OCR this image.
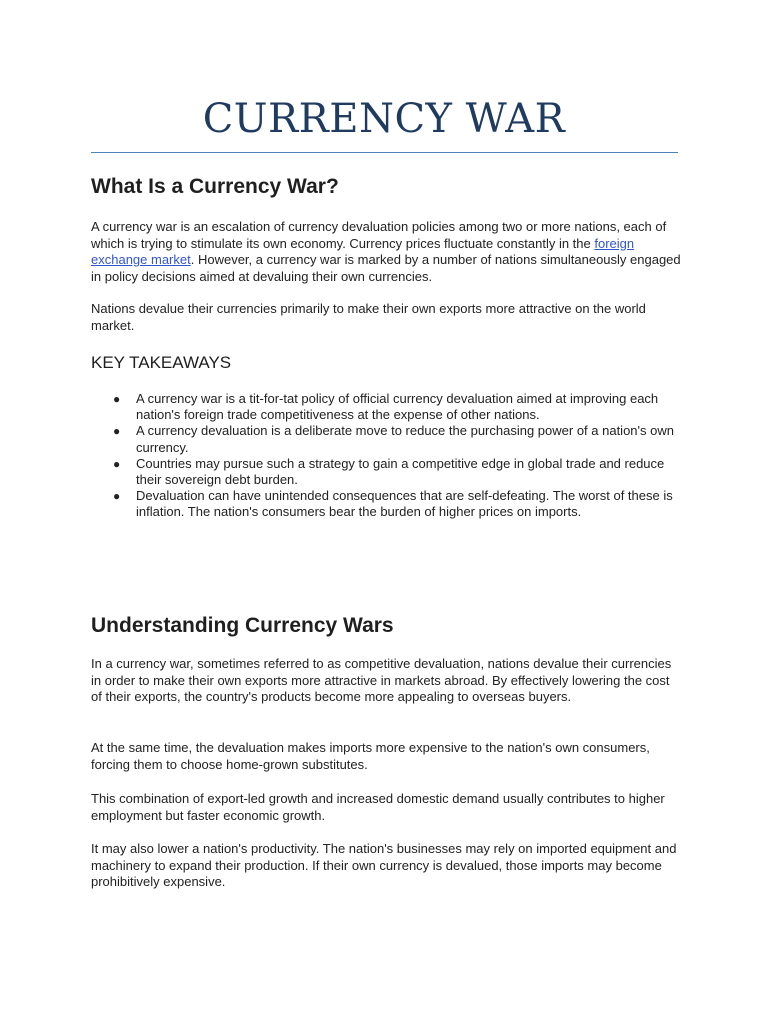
CURRENCY WAR
What Is a Currency War?

A currency war is an escalation of currency devaluation policies among two or more nations, each of which is trying to stimulate its own economy. Currency prices fluctuate constantly in the foreign exchange market. However, a currency war is marked by a number of nations simultaneously engaged in policy decisions aimed at devaluing their own currencies.

Nations devalue their currencies primarily to make their own exports more attractive on the world market.

KEY TAKEAWAYS
● A currency war is a tit-for-tat policy of official currency devaluation aimed at improving each nation's foreign trade competitiveness at the expense of other nations.
● A currency devaluation is a deliberate move to reduce the purchasing power of a nation's own currency.
● Countries may pursue such a strategy to gain a competitive edge in global trade and reduce their sovereign debt burden.
● Devaluation can have unintended consequences that are self-defeating. The worst of these is inflation. The nation's consumers bear the burden of higher prices on imports.
Understanding Currency Wars

In a currency war, sometimes referred to as competitive devaluation, nations devalue their currencies in order to make their own exports more attractive in markets abroad. By effectively lowering the cost of their exports, the country's products become more appealing to overseas buyers.

At the same time, the devaluation makes imports more expensive to the nation's own consumers, forcing them to choose home-grown substitutes.

This combination of export-led growth and increased domestic demand usually contributes to higher employment but faster economic growth.

It may also lower a nation's productivity. The nation's businesses may rely on imported equipment and machinery to expand their production. If their own currency is devalued, those imports may become prohibitively expensive.
